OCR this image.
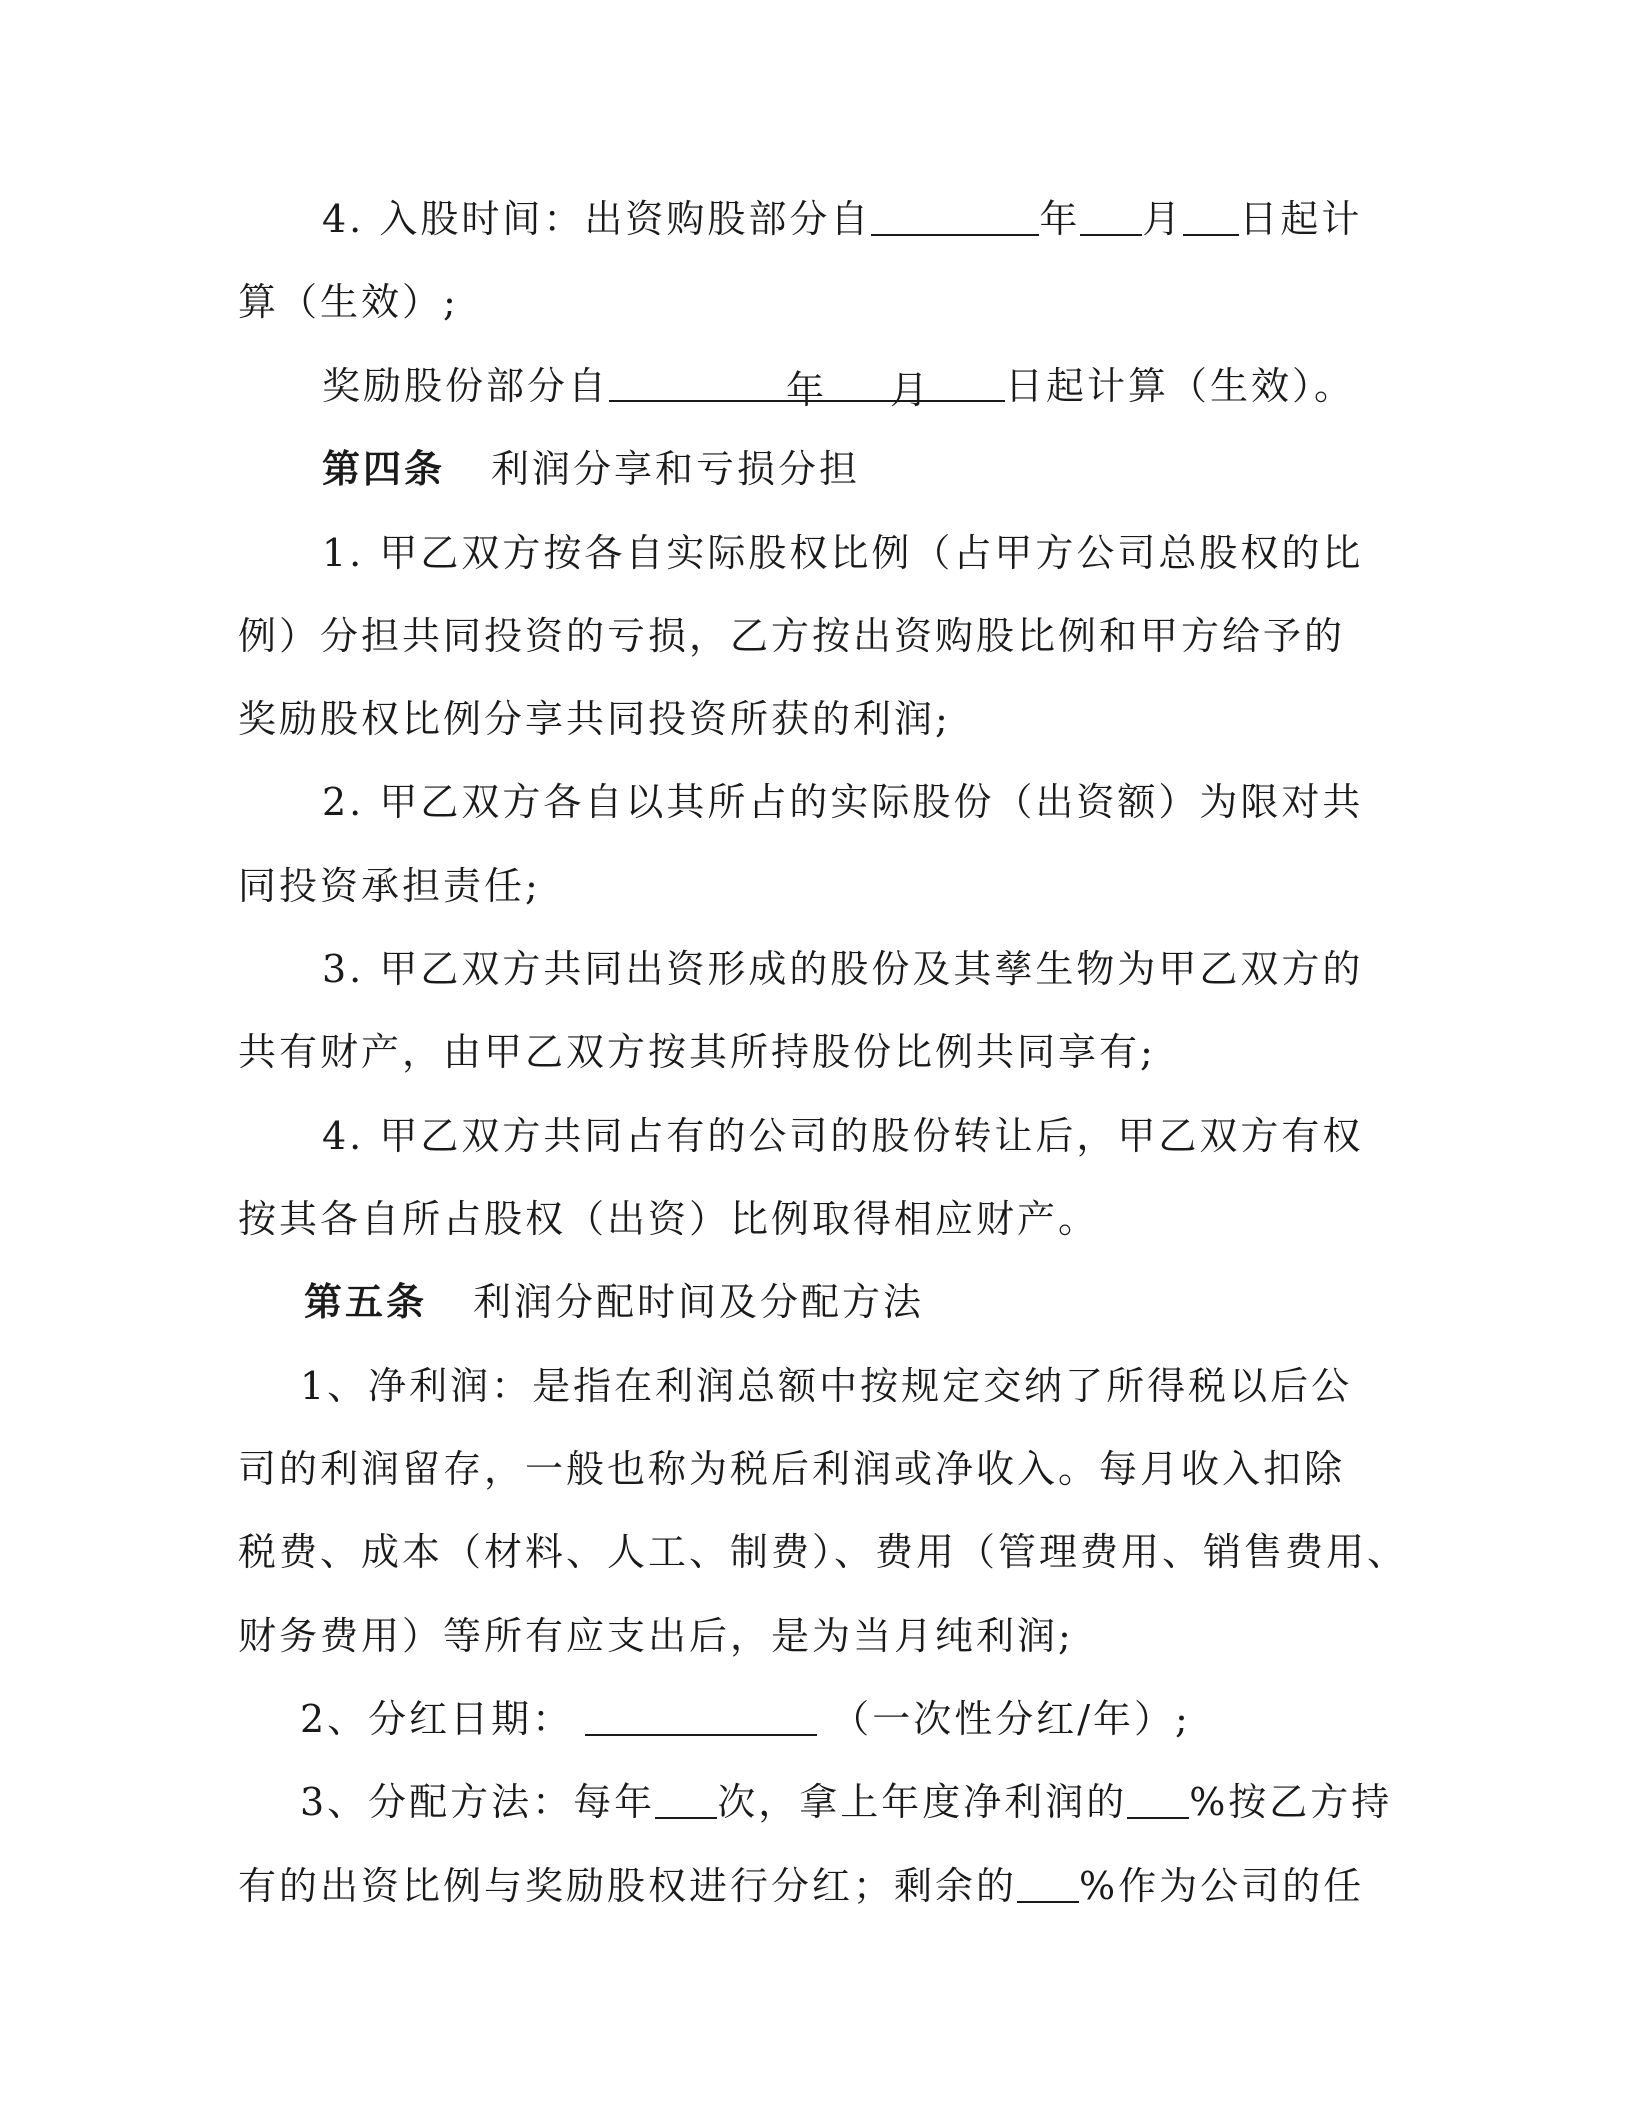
4. 入股时间：出资购股部分自	年 月 日起计
算（生效）;
奖励股份部分自	年 月 日起计算（生效）。
第四条 利润分享和亏损分担
1. 甲乙双方按各自实际股权比例（占甲方公司总股权的比
例）分担共同投资的亏损，乙方按出资购股比例和甲方给予的
奖励股权比例分享共同投资所获的利润;
2. 甲乙双方各自以其所占的实际股份（出资额）为限对共
同投资承担责任;
3. 甲乙双方共同出资形成的股份及其孳生物为甲乙双方的
共有财产，由甲乙双方按其所持股份比例共同享有;
4. 甲乙双方共同占有的公司的股份转让后，甲乙双方有权
按其各自所占股权（出资）比例取得相应财产。
第五条 利润分配时间及分配方法
1、净利润：是指在利润总额中按规定交纳了所得税以后公
司的利润留存，一般也称为税后利润或净收入。每月收入扣除
税费、成本（材料、人工、制费）、费用（管理费用、销售费用、
财务费用）等所有应支出后，是为当月纯利润;
2、分红日期：	（一次性分红/年）;
3、分配方法：每年 次，拿上年度净利润的 %按乙方持
有的出资比例与奖励股权进行分红；剩余的 %作为公司的任
